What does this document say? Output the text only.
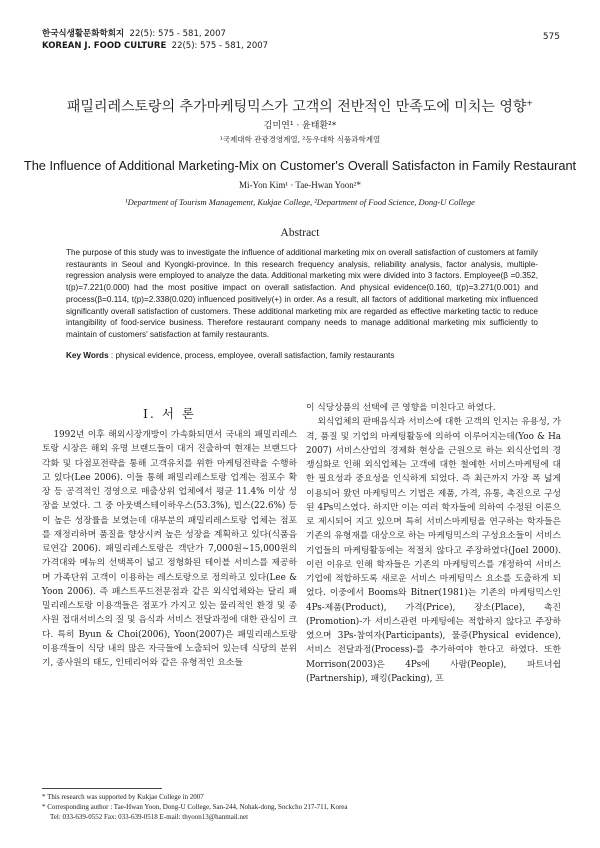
한국식생활문화학회지 22(5): 575 - 581, 2007
KOREAN J. FOOD CULTURE 22(5): 575 - 581, 2007
575
패밀리레스토랑의 추가마케팅믹스가 고객의 전반적인 만족도에 미치는 영향+
김미연¹ · 윤태환²*
¹국제대학 관광경영계열, ²동우대학 식품과학계열
The Influence of Additional Marketing-Mix on Customer's Overall Satisfacton in Family Restaurant
Mi-Yon Kim¹ · Tae-Hwan Yoon²*
¹Department of Tourism Management, Kukjae College, ²Department of Food Science, Dong-U College
Abstract
The purpose of this study was to investigate the influence of additional marketing mix on overall satisfaction of customers at family restaurants in Seoul and Kyongki-province. In this research frequency analysis, reliability analysis, factor analysis, multiple-regression analysis were employed to analyze the data. Additional marketing mix were divided into 3 factors. Employee(β =0.352, t(p)=7.221(0.000) had the most positive impact on overall satisfaction. And physical evidence(0.160, t(p)=3.271(0.001) and process(β=0.114, t(p)=2.338(0.020) influenced positively(+) in order. As a result, all factors of additional marketing mix influenced significantly overall satisfaction of customers. These additional marketing mix are regarded as effective marketing tactic to reduce intangibility of food-service business. Therefore restaurant company needs to manage additional marketing mix sufficiently to maintain of customers' satisfaction at family restaurants.
Key Words : physical evidence, process, employee, overall satisfaction, family restaurants
Ⅰ. 서 론

1992년 이후 해외시장개방이 가속화되면서 국내의 패밀리레스토랑 시장은 해외 유명 브랜드들이 대거 진출하여 현재는 브랜드다각화 및 다점포전략을 통해 고객유치를 위한 마케팅전략을 수행하고 있다(Lee 2006). 이들 통해 패밀리레스토랑 업계는 점포수 확장 등 공격적인 경영으로 매출상위 업체에서 평균 11.4% 이상 성장을 보였다. 그 중 아웃백스테이하우스(53.3%), 빕스(22.6%) 등이 높은 성장률을 보였는데 대부분의 패밀리레스토랑 업체는 점포를 재정리하며 품질을 향상시켜 높은 성장을 계획하고 있다(식품음료연감 2006). 패밀리레스토랑은 객단가 7,000원~15,000원의 가격대와 메뉴의 선택폭이 넓고 정형화된 테이블 서비스를 제공하며 가족단위 고객이 이용하는 레스토랑으로 정의하고 있다(Lee & Yoon 2006). 즉 패스트푸드전문점과 같은 외식업체와는 달리 패밀리레스토랑 이용객들은 점포가 가지고 있는 물리적인 환경 및 종사원 접대서비스의 질 및 음식과 서비스 전달과정에 대한 관심이 크다. 특히 Byun & Choi(2006), Yoon(2007)은 패밀리레스토랑 이용객들이 식당 내의 많은 자극들에 노출되어 있는데 식당의 분위기, 종사원의 태도, 인테리어와 같은 유형적인 요소들

이 식당상품의 선택에 큰 영향을 미친다고 하였다.

외식업체의 판매음식과 서비스에 대한 고객의 인지는 유용성, 가격, 품질 및 기업의 마케팅활동에 의하여 이루어지는데(Yoo & Ha 2007) 서비스산업의 경제화 현상을 근원으로 하는 외식산업의 경쟁심화로 인해 외식업체는 고객에 대한 철예한 서비스마케팅에 대한 필요성과 중요성을 인식하게 되었다. 즉 최근까지 가장 폭 넓게 이용되어 왔던 마케팅믹스 기법은 제품, 가격, 유통, 촉진으로 구성된 4Ps믹스였다. 하지만 이는 여러 학자들에 의하여 수정된 이론으로 제시되어 지고 있으며 특히 서비스마케팅을 연구하는 학자들은 기존의 유형재를 대상으로 하는 마케팅믹스의 구성요소들이 서비스 기업들의 마케팅활동에는 적절치 않다고 주장하였다(Joel 2000). 이런 이유로 인해 학자들은 기존의 마케팅믹스를 개정하여 서비스 기업에 적합하도록 새로운 서비스 마케팅믹스 요소를 도출하게 되었다. 이중에서 Booms와 Bitner(1981)는 기존의 마케팅믹스인 4Ps-제품(Product), 가격(Price), 장소(Place), 촉진(Promotion)-가 서비스관련 마케팅에는 적합하지 않다고 주장하였으며 3Ps-참여자(Participants), 물증(Physical evidence), 서비스 전달과정(Process)-를 추가하여야 한다고 하였다. 또한 Morrison(2003)은 4Ps에 사람(People), 파트너쉽(Partnership), 패킹(Packing), 프

* This research was supported by Kukjae College in 2007
* Corresponding author : Tae-Hwan Yoon, Dong-U College, San-244, Nohak-dong, Sockcho 217-711, Korea
Tel: 033-639-0552 Fax: 033-639-0518 E-mail: thyoon13@hanmail.net
